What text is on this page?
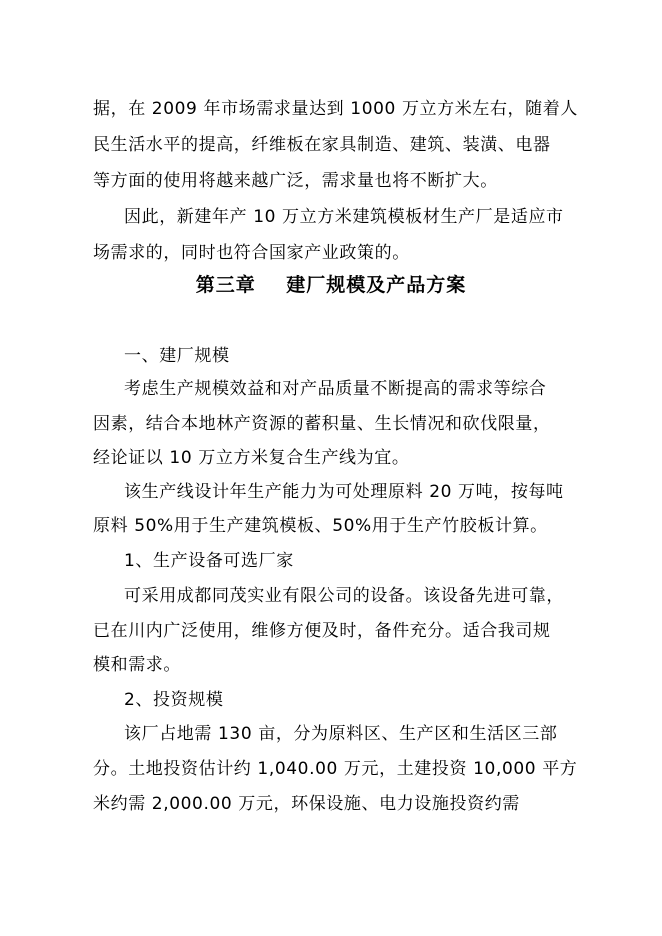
据，在 2009 年市场需求量达到 1000 万立方米左右，随着人
民生活水平的提高，纤维板在家具制造、建筑、装潢、电器
等方面的使用将越来越广泛，需求量也将不断扩大。
因此，新建年产 10 万立方米建筑模板材生产厂是适应市
场需求的，同时也符合国家产业政策的。
第三章    建厂规模及产品方案
一、建厂规模
考虑生产规模效益和对产品质量不断提高的需求等综合
因素，结合本地林产资源的蓄积量、生长情况和砍伐限量，
经论证以 10 万立方米复合生产线为宜。
该生产线设计年生产能力为可处理原料 20 万吨，按每吨
原料 50%用于生产建筑模板、50%用于生产竹胶板计算。
1、生产设备可选厂家
可采用成都同茂实业有限公司的设备。该设备先进可靠，
已在川内广泛使用，维修方便及时，备件充分。适合我司规
模和需求。
2、投资规模
该厂占地需 130 亩，分为原料区、生产区和生活区三部
分。土地投资估计约 1,040.00 万元，土建投资 10,000 平方
米约需 2,000.00 万元，环保设施、电力设施投资约需
